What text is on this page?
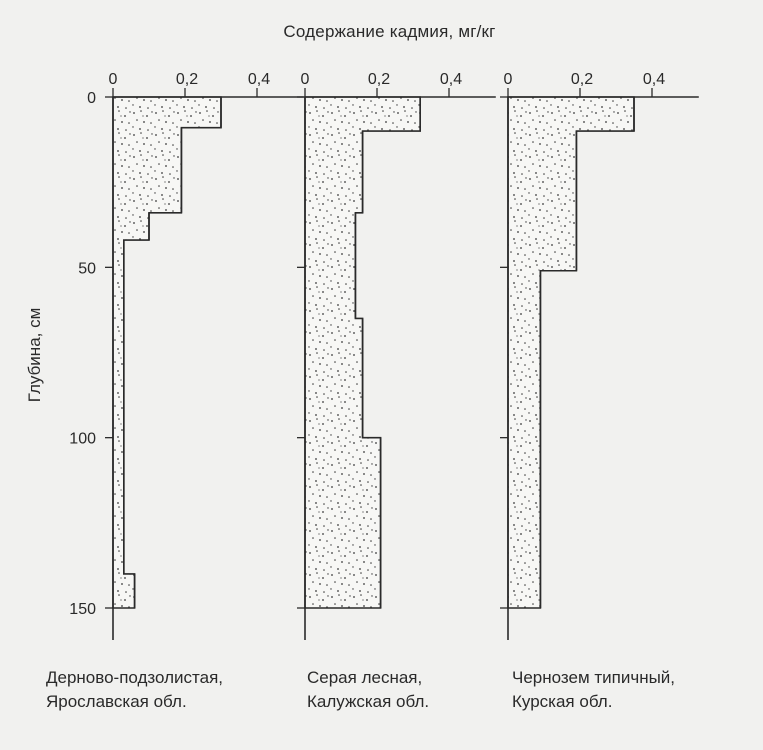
Содержание кадмия, мг/кг
Глубина, см
0	0,2	0,4
0
50
100
150
0	0,2	0,4	0	0,2	0,4
Дерново-подзолистая,
Ярославская обл.
Серая лесная,
Калужская обл.
Чернозем типичный,
Курская обл.
